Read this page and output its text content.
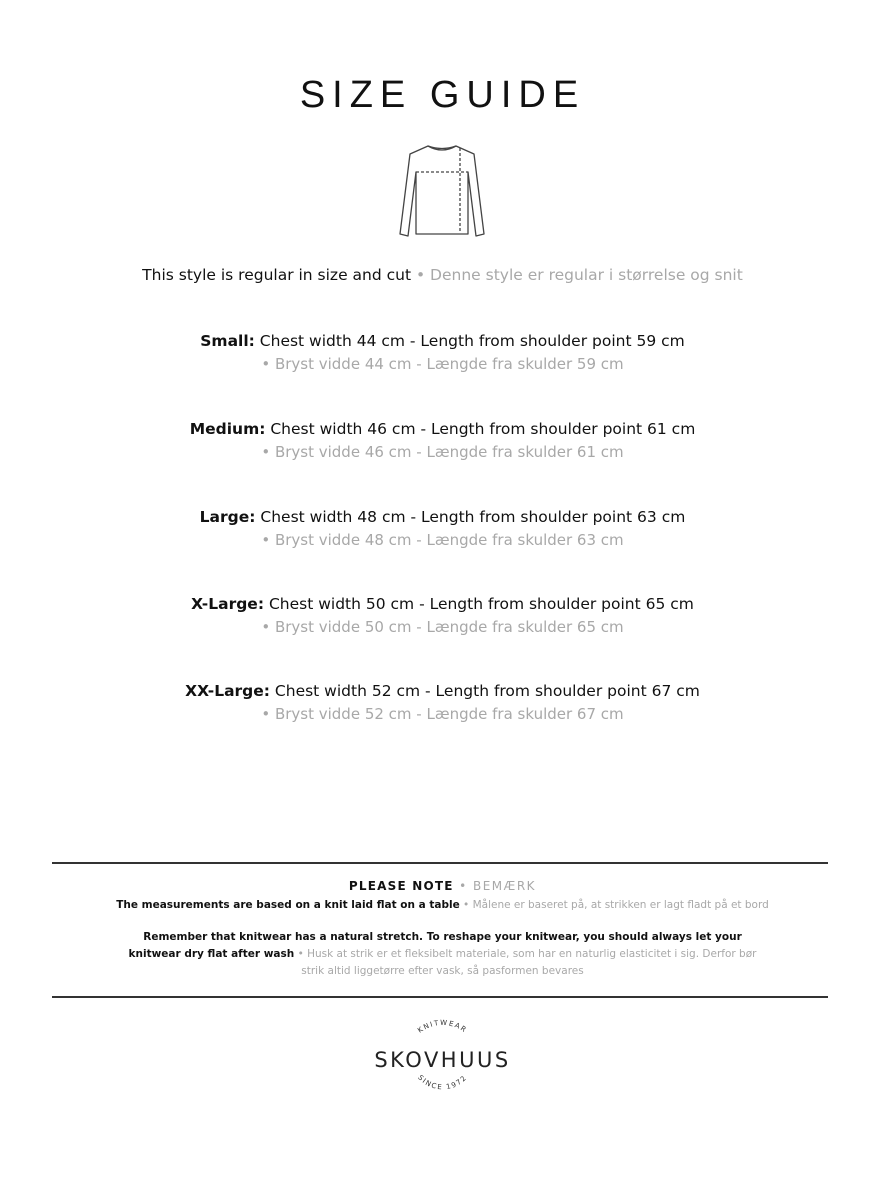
SIZE GUIDE
This style is regular in size and cut • Denne style er regular i størrelse og snit
Small: Chest width 44 cm - Length from shoulder point 59 cm
• Bryst vidde 44 cm - Længde fra skulder 59 cm
Medium: Chest width 46 cm - Length from shoulder point 61 cm
• Bryst vidde 46 cm - Længde fra skulder 61 cm
Large: Chest width 48 cm - Length from shoulder point 63 cm
• Bryst vidde 48 cm - Længde fra skulder 63 cm
X-Large: Chest width 50 cm - Length from shoulder point 65 cm
• Bryst vidde 50 cm - Længde fra skulder 65 cm
XX-Large: Chest width 52 cm - Length from shoulder point 67 cm
• Bryst vidde 52 cm - Længde fra skulder 67 cm
PLEASE NOTE • BEMÆRK
The measurements are based on a knit laid flat on a table • Målene er baseret på, at strikken er lagt fladt på et bord
Remember that knitwear has a natural stretch. To reshape your knitwear, you should always let your knitwear dry flat after wash • Husk at strik er et fleksibelt materiale, som har en naturlig elasticitet i sig. Derfor bør strik altid liggetørre efter vask, så pasformen bevares
KNITWEAR
SKOVHUUS
SINCE 1972
